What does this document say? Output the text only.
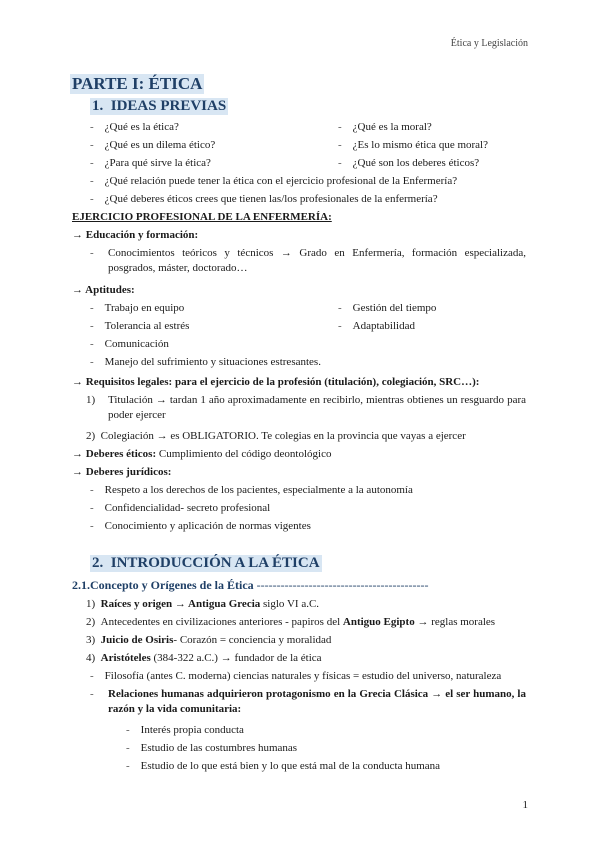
Ética y Legislación
PARTE I: ÉTICA
1. IDEAS PREVIAS
- ¿Qué es la ética?
- ¿Qué es un dilema ético?
- ¿Para qué sirve la ética?
- ¿Qué es la moral?
- ¿Es lo mismo ética que moral?
- ¿Qué son los deberes éticos?
- ¿Qué relación puede tener la ética con el ejercicio profesional de la Enfermería?
- ¿Qué deberes éticos crees que tienen las/los profesionales de la enfermería?
EJERCICIO PROFESIONAL DE LA ENFERMERÍA:
→ Educación y formación:
- Conocimientos teóricos y técnicos → Grado en Enfermería, formación especializada, posgrados, máster, doctorado…
→ Aptitudes:
- Trabajo en equipo
- Tolerancia al estrés
- Comunicación
- Manejo del sufrimiento y situaciones estresantes.
- Gestión del tiempo
- Adaptabilidad
→ Requisitos legales: para el ejercicio de la profesión (titulación), colegiación, SRC…):
1) Titulación → tardan 1 año aproximadamente en recibirlo, mientras obtienes un resguardo para poder ejercer
2) Colegiación → es OBLIGATORIO. Te colegias en la provincia que vayas a ejercer
→ Deberes éticos: Cumplimiento del código deontológico
→ Deberes jurídicos:
- Respeto a los derechos de los pacientes, especialmente a la autonomía
- Confidencialidad- secreto profesional
- Conocimiento y aplicación de normas vigentes
2. INTRODUCCIÓN A LA ÉTICA
2.1.Concepto y Orígenes de la Ética -------------------------------------------
1) Raíces y origen → Antigua Grecia siglo VI a.C.
2) Antecedentes en civilizaciones anteriores - papiros del Antiguo Egipto → reglas morales
3) Juicio de Osiris- Corazón = conciencia y moralidad
4) Aristóteles (384-322 a.C.) → fundador de la ética
- Filosofía (antes C. moderna) ciencias naturales y físicas = estudio del universo, naturaleza
- Relaciones humanas adquirieron protagonismo en la Grecia Clásica → el ser humano, la razón y la vida comunitaria:
- Interés propia conducta
- Estudio de las costumbres humanas
- Estudio de lo que está bien y lo que está mal de la conducta humana
1
